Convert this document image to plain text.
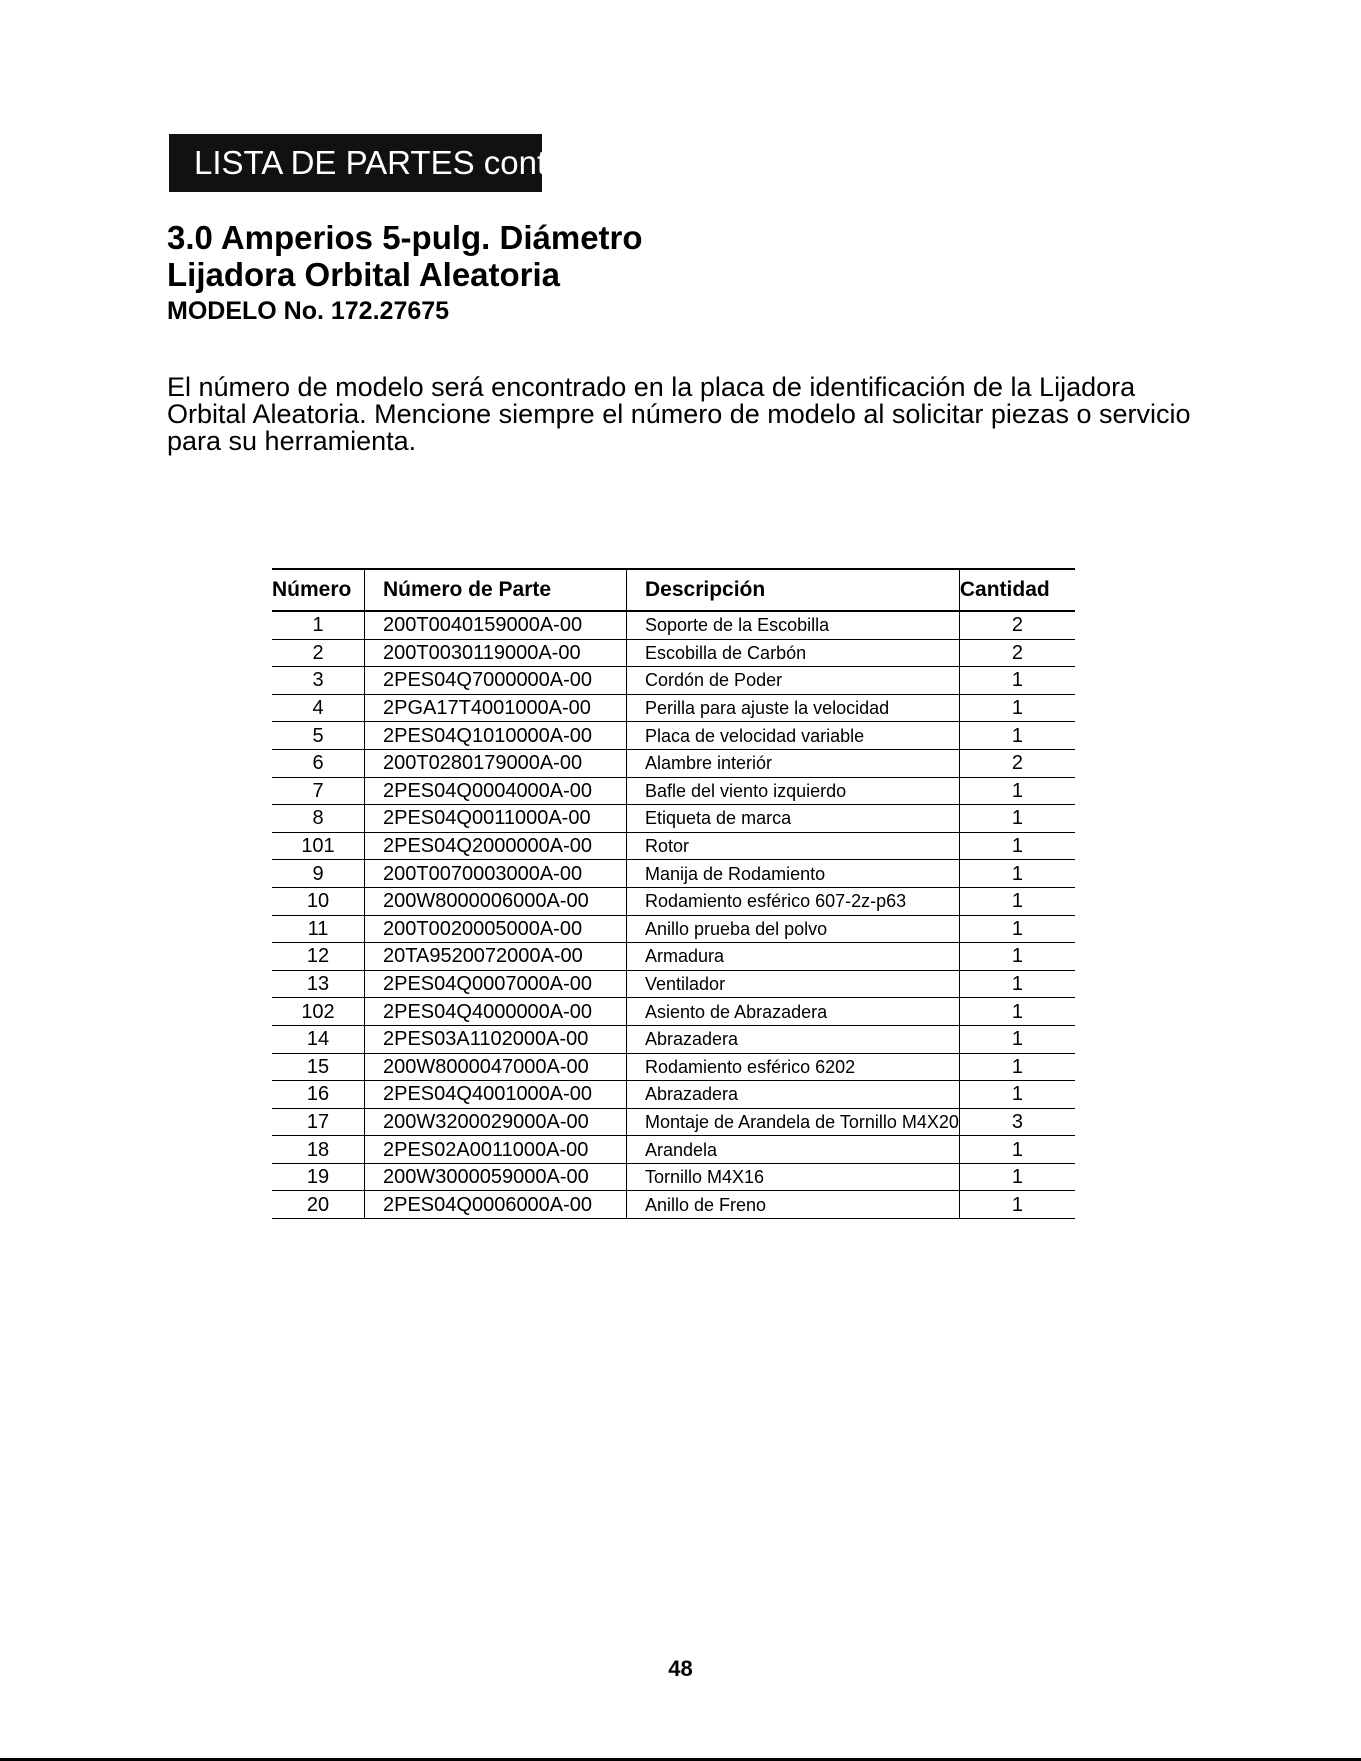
LISTA DE PARTES cont.
3.0 Amperios 5-pulg. Diámetro
Lijadora Orbital Aleatoria
MODELO No. 172.27675

El número de modelo será encontrado en la placa de identificación de la Lijadora Orbital Aleatoria. Mencione siempre el número de modelo al solicitar piezas o servicio para su herramienta.

Número	Número de Parte	Descripción	Cantidad
1	200T0040159000A-00	Soporte de la Escobilla	2
2	200T0030119000A-00	Escobilla de Carbón	2
3	2PES04Q7000000A-00	Cordón de Poder	1
4	2PGA17T4001000A-00	Perilla para ajuste la velocidad	1
5	2PES04Q1010000A-00	Placa de velocidad variable	1
6	200T0280179000A-00	Alambre interiór	2
7	2PES04Q0004000A-00	Bafle del viento izquierdo	1
8	2PES04Q0011000A-00	Etiqueta de marca	1
101	2PES04Q2000000A-00	Rotor	1
9	200T0070003000A-00	Manija de Rodamiento	1
10	200W8000006000A-00	Rodamiento esférico 607-2z-p63	1
11	200T0020005000A-00	Anillo prueba del polvo	1
12	20TA9520072000A-00	Armadura	1
13	2PES04Q0007000A-00	Ventilador	1
102	2PES04Q4000000A-00	Asiento de Abrazadera	1
14	2PES03A1102000A-00	Abrazadera	1
15	200W8000047000A-00	Rodamiento esférico 6202	1
16	2PES04Q4001000A-00	Abrazadera	1
17	200W3200029000A-00	Montaje de Arandela de Tornillo M4X20	3
18	2PES02A0011000A-00	Arandela	1
19	200W3000059000A-00	Tornillo M4X16	1
20	2PES04Q0006000A-00	Anillo de Freno	1
48
